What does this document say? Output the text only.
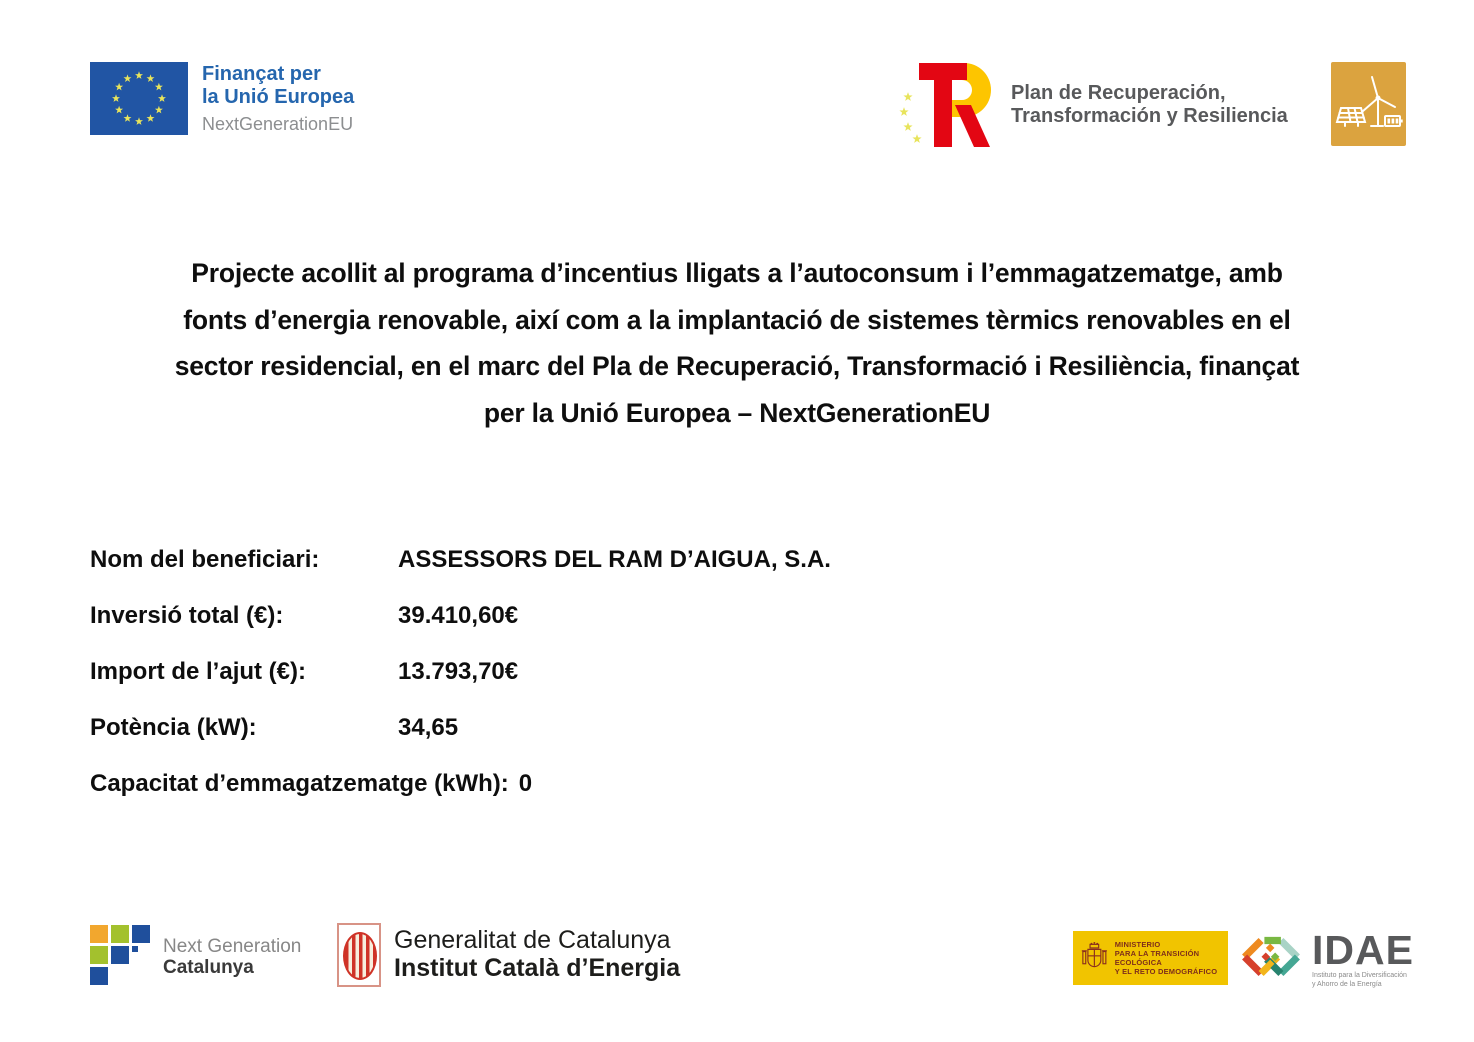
Finançat per
la Unió Europea
NextGenerationEU
Plan de Recuperación,
Transformación y Resiliencia
Projecte acollit al programa d’incentius lligats a l’autoconsum i l’emmagatzematge, amb
fonts d’energia renovable, així com a la implantació de sistemes tèrmics renovables en el
sector residencial, en el marc del Pla de Recuperació, Transformació i Resiliència, finançat
per la Unió Europea – NextGenerationEU
Nom del beneficiari:	ASSESSORS DEL RAM D’AIGUA, S.A.
Inversió total (€):	39.410,60€
Import de l’ajut (€):	13.793,70€
Potència (kW):	34,65
Capacitat d’emmagatzematge (kWh): 0
Next Generation
Catalunya
Generalitat de Catalunya
Institut Català d’Energia
MINISTERIO
PARA LA TRANSICIÓN ECOLÓGICA
Y EL RETO DEMOGRÁFICO IDAE
Instituto para la Diversificación
y Ahorro de la Energía
